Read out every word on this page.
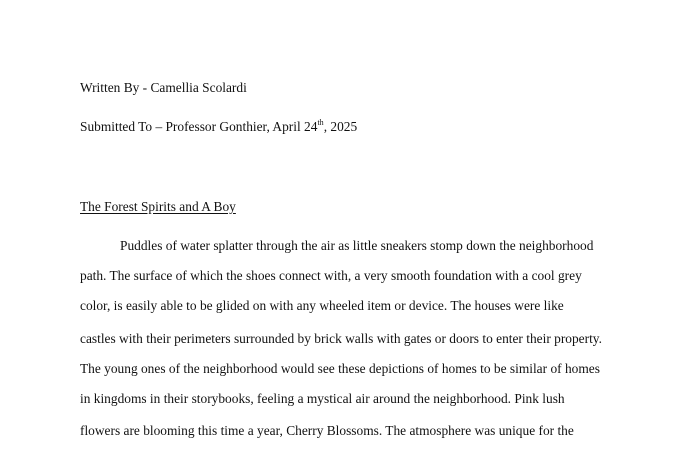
Written By - Camellia Scolardi
Submitted To – Professor Gonthier, April 24th, 2025
The Forest Spirits and A Boy
Puddles of water splatter through the air as little sneakers stomp down the neighborhood
path. The surface of which the shoes connect with, a very smooth foundation with a cool grey
color, is easily able to be glided on with any wheeled item or device. The houses were like
castles with their perimeters surrounded by brick walls with gates or doors to enter their property.
The young ones of the neighborhood would see these depictions of homes to be similar of homes
in kingdoms in their storybooks, feeling a mystical air around the neighborhood. Pink lush
flowers are blooming this time a year, Cherry Blossoms. The atmosphere was unique for the
